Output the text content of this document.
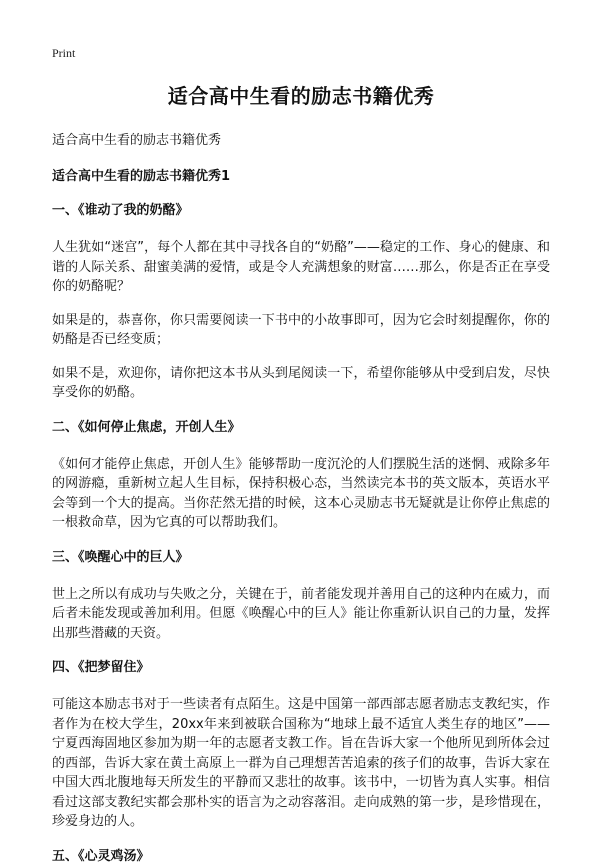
Print
适合高中生看的励志书籍优秀

适合高中生看的励志书籍优秀

适合高中生看的励志书籍优秀1

一、《谁动了我的奶酪》

人生犹如“迷宫”，每个人都在其中寻找各自的“奶酪”——稳定的工作、身心的健康、和谐的人际关系、甜蜜美满的爱情，或是令人充满想象的财富……那么，你是否正在享受你的奶酪呢？

如果是的，恭喜你，你只需要阅读一下书中的小故事即可，因为它会时刻提醒你，你的奶酪是否已经变质；

如果不是，欢迎你，请你把这本书从头到尾阅读一下，希望你能够从中受到启发，尽快享受你的奶酪。

二、《如何停止焦虑，开创人生》

《如何才能停止焦虑，开创人生》能够帮助一度沉沦的人们摆脱生活的迷惘、戒除多年的网游瘾，重新树立起人生目标，保持积极心态，当然读完本书的英文版本，英语水平会等到一个大的提高。当你茫然无措的时候，这本心灵励志书无疑就是让你停止焦虑的一根救命草，因为它真的可以帮助我们。

三、《唤醒心中的巨人》

世上之所以有成功与失败之分，关键在于，前者能发现并善用自己的这种内在威力，而后者未能发现或善加利用。但愿《唤醒心中的巨人》能让你重新认识自己的力量，发挥出那些潜藏的天资。

四、《把梦留住》

可能这本励志书对于一些读者有点陌生。这是中国第一部西部志愿者励志支教纪实，作者作为在校大学生，20xx年来到被联合国称为“地球上最不适宜人类生存的地区”——宁夏西海固地区参加为期一年的志愿者支教工作。旨在告诉大家一个他所见到所体会过的西部，告诉大家在黄土高原上一群为自己理想苦苦追索的孩子们的故事，告诉大家在中国大西北腹地每天所发生的平静而又悲壮的故事。该书中，一切皆为真人实事。相信看过这部支教纪实都会那朴实的语言为之动容落泪。走向成熟的第一步，是珍惜现在，珍爱身边的人。

五、《心灵鸡汤》
